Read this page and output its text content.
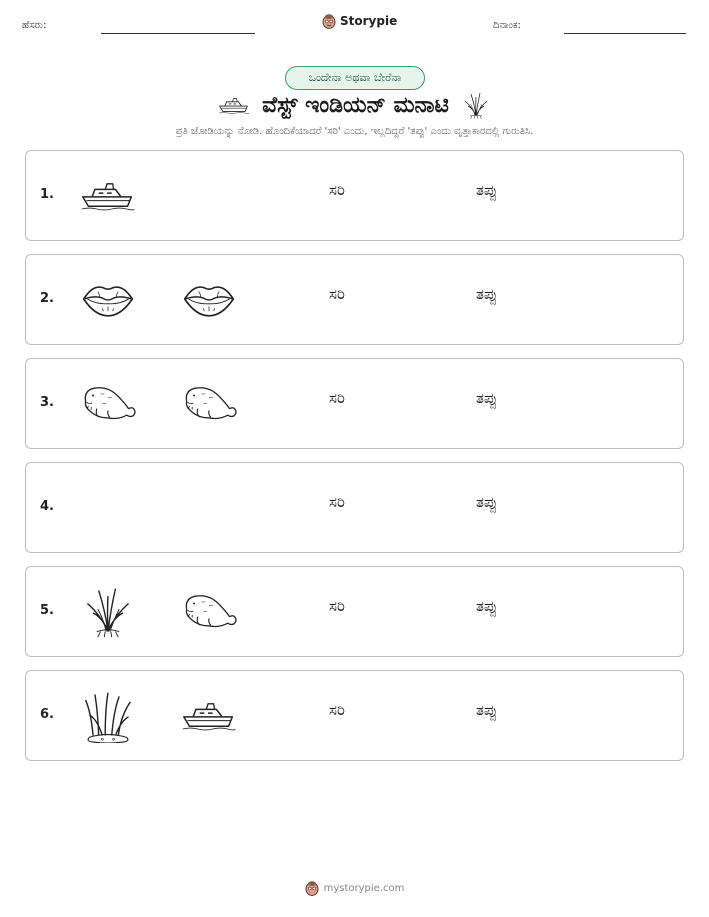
ಹೆಸರು:	Storypie	ದಿನಾಂಕ:
ಒಂದೇನಾ ಅಥವಾ ಬೇರೆನಾ
ವೆಸ್ಟ್ ಇಂಡಿಯನ್ ಮನಾಟಿ
ಪ್ರತಿ ಜೋಡಿಯನ್ನು ನೋಡಿ. ಹೊಂದಿಕೆಯಾದರೆ 'ಸರಿ' ಎಂದು, ಇಲ್ಲದಿದ್ದರೆ 'ತಪ್ಪು' ಎಂದು ವೃತ್ತಾಕಾರದಲ್ಲಿ ಗುರುತಿಸಿ.
1.	ಸರಿ	ತಪ್ಪು
2.	ಸರಿ	ತಪ್ಪು
3.	ಸರಿ	ತಪ್ಪು
4.	ಸರಿ	ತಪ್ಪು
5.	ಸರಿ	ತಪ್ಪು
6.	ಸರಿ	ತಪ್ಪು
mystorypie.com
